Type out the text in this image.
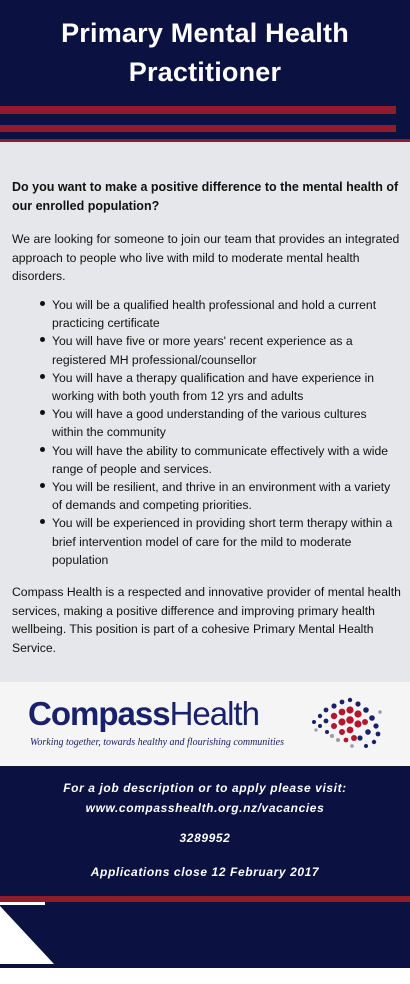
Primary Mental Health
Practitioner
Do you want to make a positive difference to the mental health of our enrolled population?
We are looking for someone to join our team that provides an integrated approach to people who live with mild to moderate mental health disorders.
You will be a qualified health professional and hold a current practicing certificate
You will have five or more years' recent experience as a registered MH professional/counsellor
You will have a therapy qualification and have experience in working with both youth from 12 yrs and adults
You will have a good understanding of the various cultures within the community
You will have the ability to communicate effectively with a wide range of people and services.
You will be resilient, and thrive in an environment with a variety of demands and competing priorities.
You will be experienced in providing short term therapy within a brief intervention model of care for the mild to moderate population
Compass Health is a respected and innovative provider of mental health services, making a positive difference and improving primary health wellbeing. This position is part of a cohesive Primary Mental Health Service.
CompassHealth
Working together, towards healthy and flourishing communities
For a job description or to apply please visit:
www.compasshealth.org.nz/vacancies
3289952
Applications close 12 February 2017
